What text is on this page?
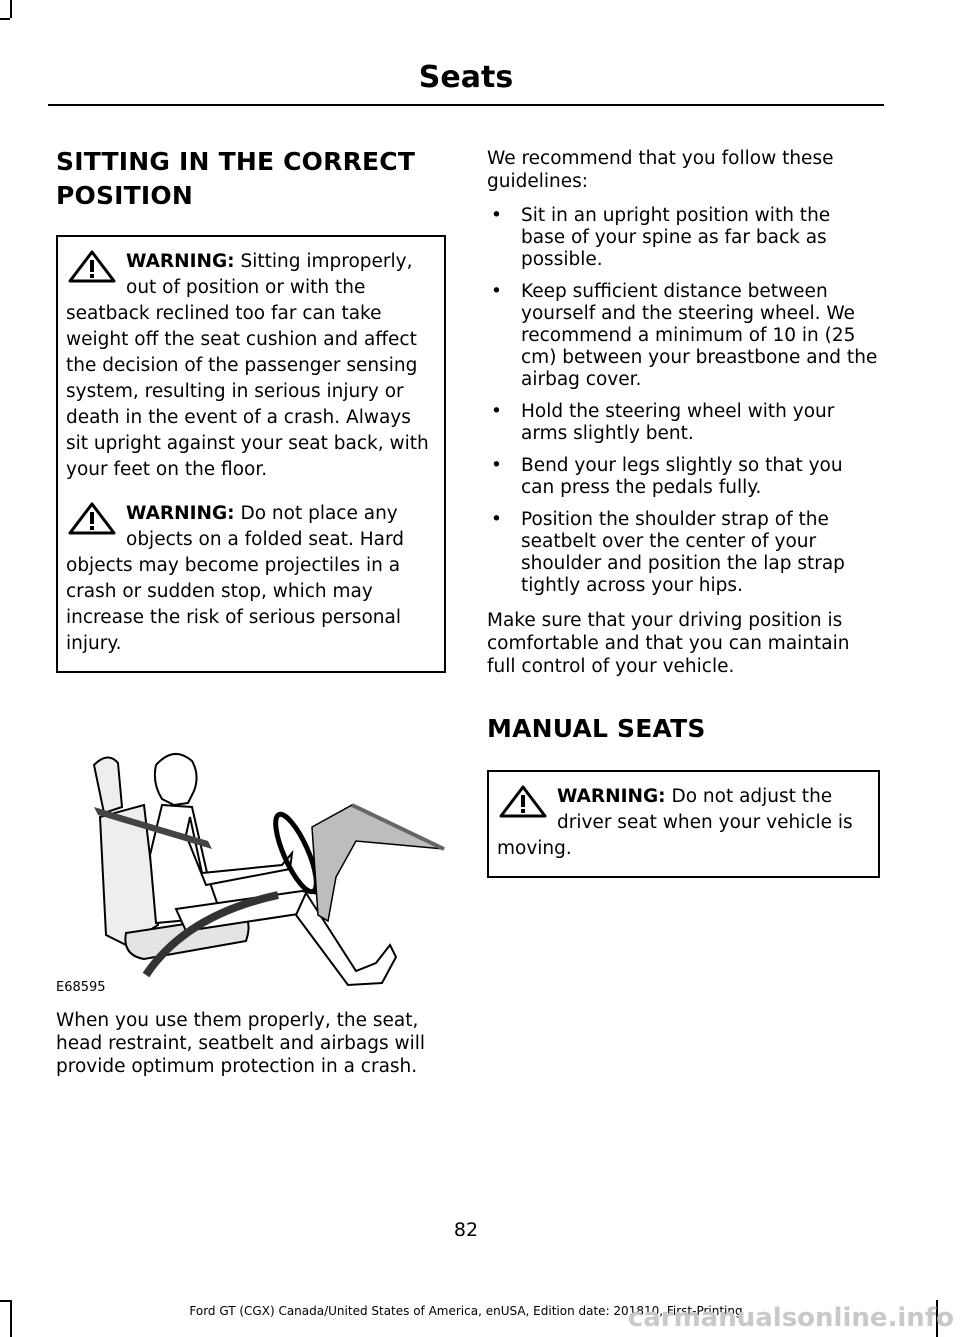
Seats
SITTING IN THE CORRECT
POSITION
WARNING: Sitting improperly, out of position or with the seatback reclined too far can take weight off the seat cushion and affect the decision of the passenger sensing system, resulting in serious injury or death in the event of a crash. Always sit upright against your seat back, with your feet on the floor.
WARNING: Do not place any objects on a folded seat. Hard objects may become projectiles in a crash or sudden stop, which may increase the risk of serious personal injury.
E68595

When you use them properly, the seat, head restraint, seatbelt and airbags will provide optimum protection in a crash.

We recommend that you follow these guidelines:

• Sit in an upright position with the base of your spine as far back as possible.
• Keep sufficient distance between yourself and the steering wheel. We recommend a minimum of 10 in (25 cm) between your breastbone and the airbag cover.
• Hold the steering wheel with your arms slightly bent.
• Bend your legs slightly so that you can press the pedals fully.
• Position the shoulder strap of the seatbelt over the center of your shoulder and position the lap strap tightly across your hips.

Make sure that your driving position is comfortable and that you can maintain full control of your vehicle.

MANUAL SEATS
WARNING: Do not adjust the driver seat when your vehicle is moving.
82
Ford GT (CGX) Canada/United States of America, enUSA, Edition date: 201810, First-Printing
carmanualsonline.info
